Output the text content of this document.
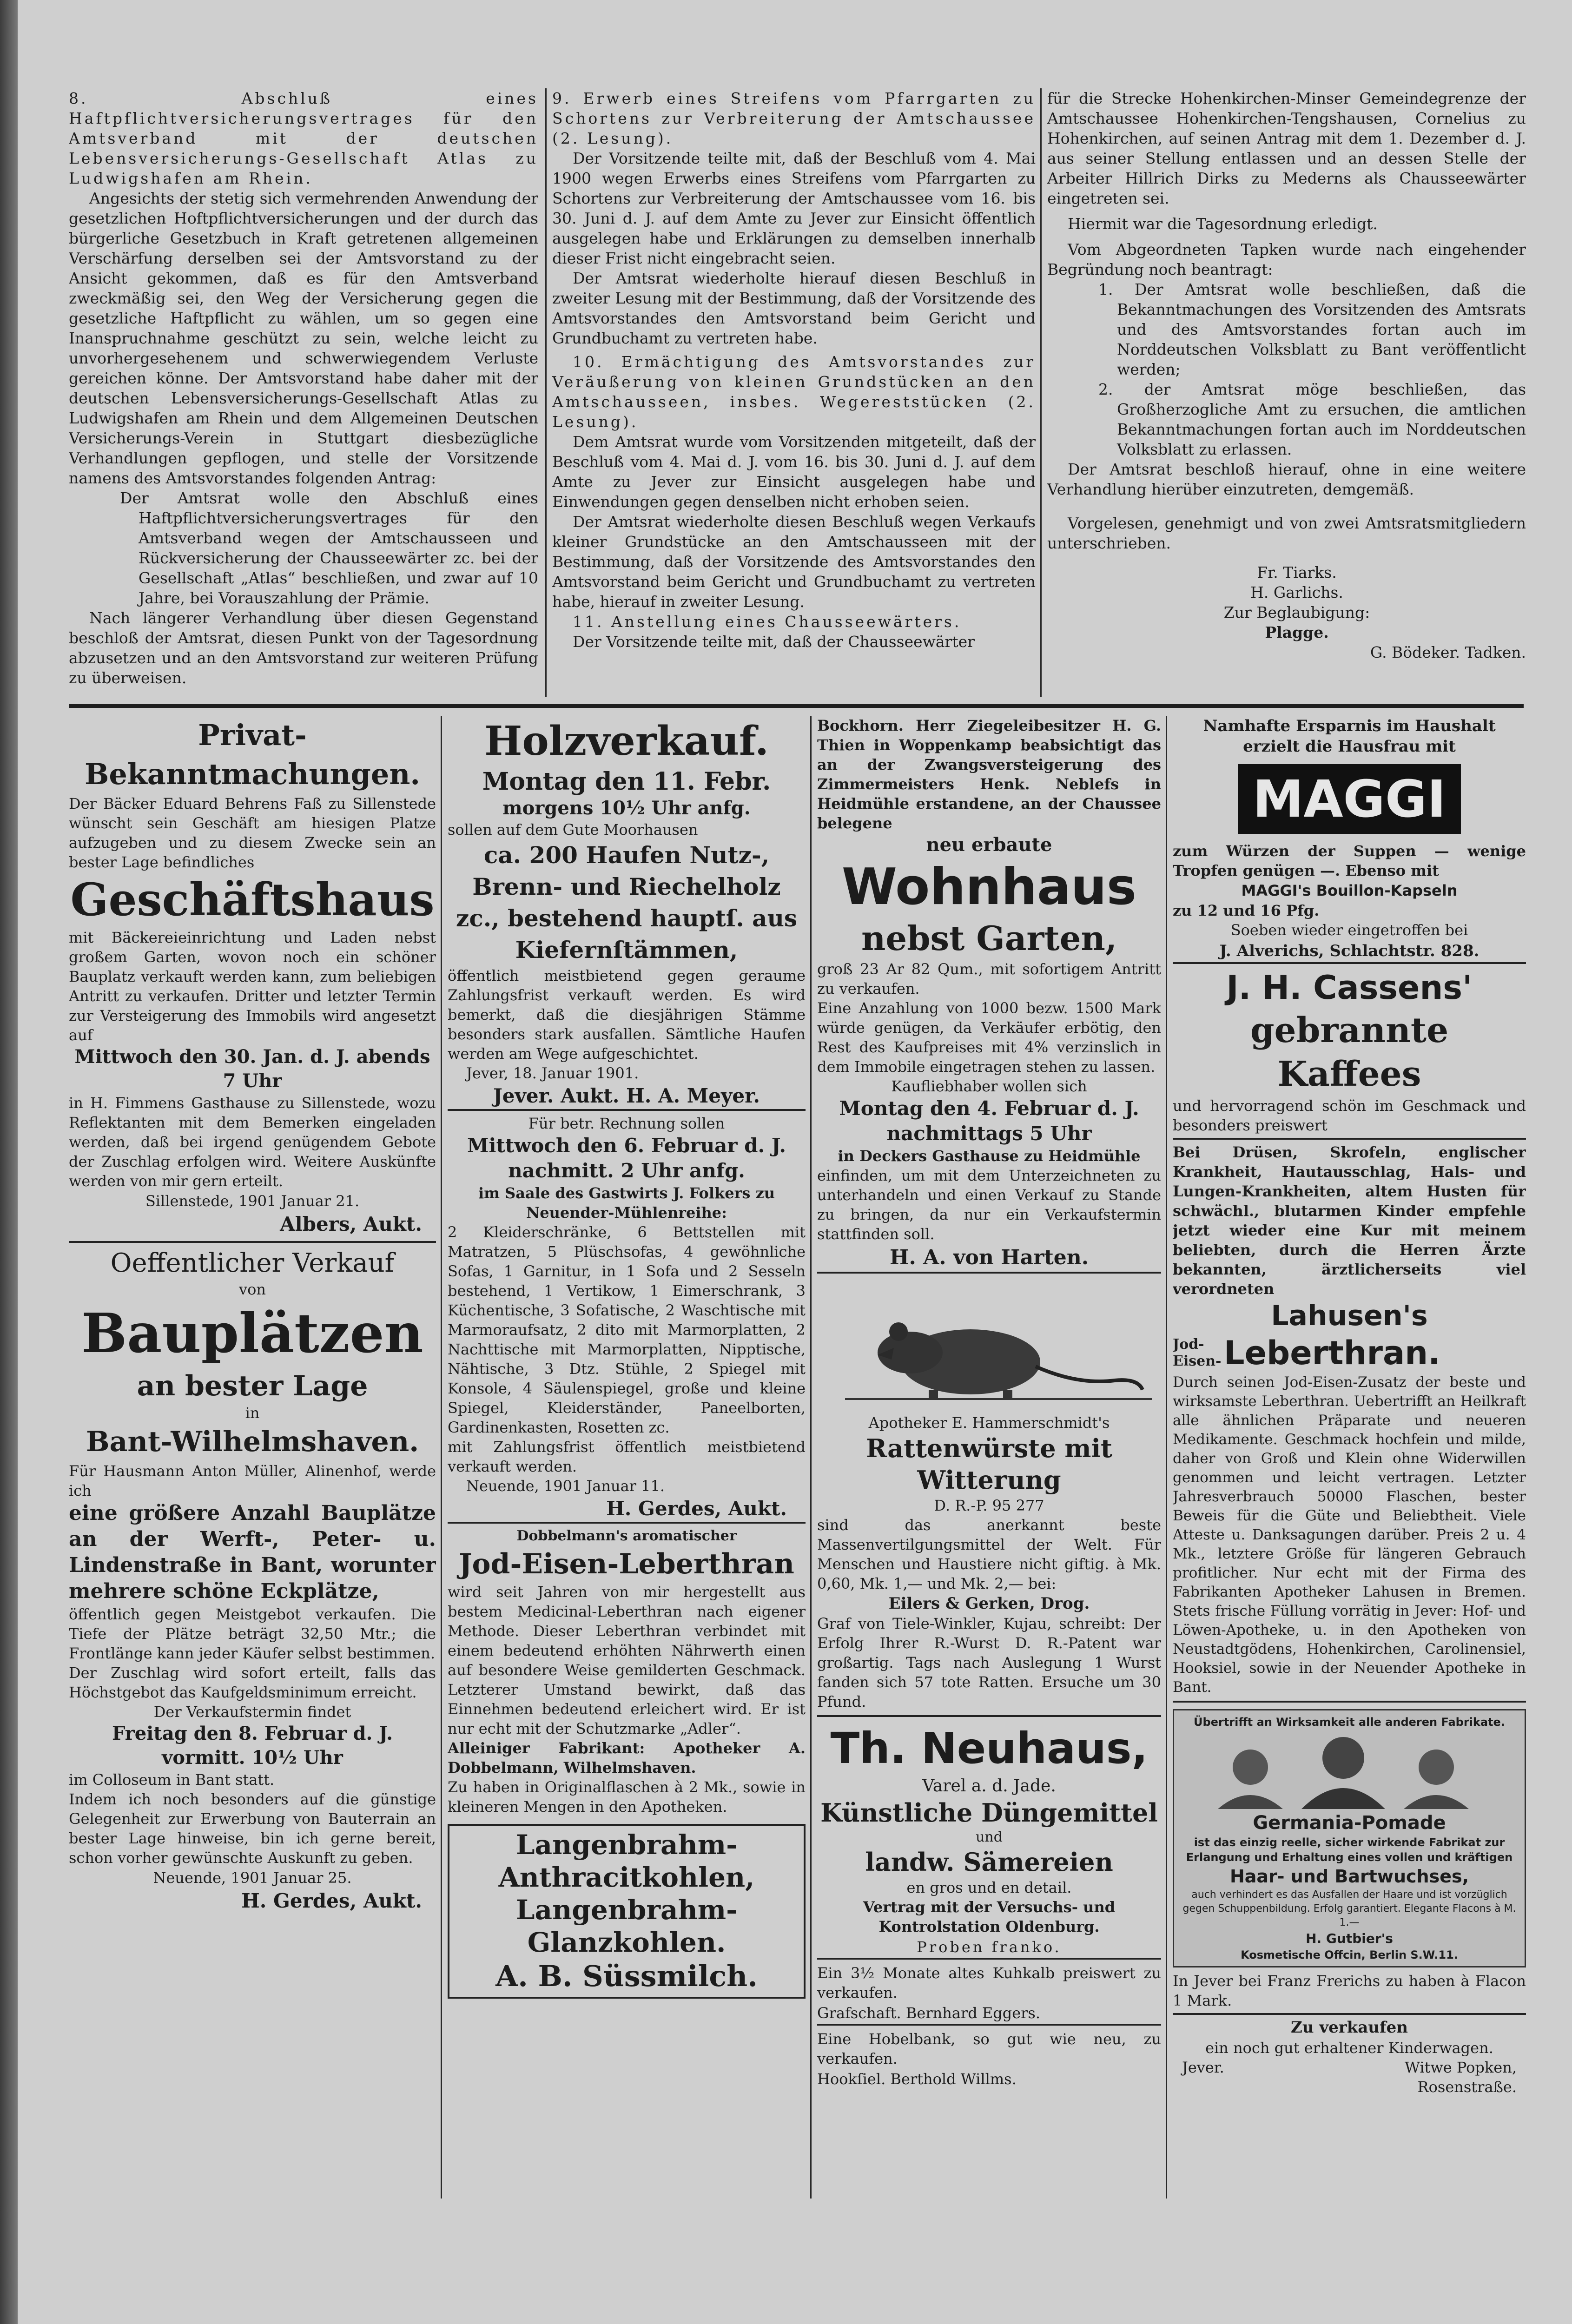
8. Abschluß eines Haftpflichtversicherungsvertrages für den Amtsverband mit der deutschen Lebensversicherungs-Gesellschaft Atlas zu Ludwigshafen am Rhein.

Angesichts der stetig sich vermehrenden Anwendung der gesetzlichen Hoftpflichtversicherungen und der durch das bürgerliche Gesetzbuch in Kraft getretenen allgemeinen Verschärfung derselben sei der Amtsvorstand zu der Ansicht gekommen, daß es für den Amtsverband zweckmäßig sei, den Weg der Versicherung gegen die gesetzliche Haftpflicht zu wählen, um so gegen eine Inanspruchnahme geschützt zu sein, welche leicht zu unvorhergesehenem und schwerwiegendem Verluste gereichen könne. Der Amtsvorstand habe daher mit der deutschen Lebensversicherungs-Gesellschaft Atlas zu Ludwigshafen am Rhein und dem Allgemeinen Deutschen Versicherungs-Verein in Stuttgart diesbezügliche Verhandlungen gepflogen, und stelle der Vorsitzende namens des Amtsvorstandes folgenden Antrag:

Der Amtsrat wolle den Abschluß eines Haftpflichtversicherungsvertrages für den Amtsverband wegen der Amtschausseen und Rückversicherung der Chausseewärter zc. bei der Gesellschaft „Atlas“ beschließen, und zwar auf 10 Jahre, bei Vorauszahlung der Prämie.

Nach längerer Verhandlung über diesen Gegenstand beschloß der Amtsrat, diesen Punkt von der Tagesordnung abzusetzen und an den Amtsvorstand zur weiteren Prüfung zu überweisen.

9. Erwerb eines Streifens vom Pfarrgarten zu Schortens zur Verbreiterung der Amtschaussee (2. Lesung).

Der Vorsitzende teilte mit, daß der Beschluß vom 4. Mai 1900 wegen Erwerbs eines Streifens vom Pfarrgarten zu Schortens zur Verbreiterung der Amtschaussee vom 16. bis 30. Juni d. J. auf dem Amte zu Jever zur Einsicht öffentlich ausgelegen habe und Erklärungen zu demselben innerhalb dieser Frist nicht eingebracht seien.

Der Amtsrat wiederholte hierauf diesen Beschluß in zweiter Lesung mit der Bestimmung, daß der Vorsitzende des Amtsvorstandes den Amtsvorstand beim Gericht und Grundbuchamt zu vertreten habe.

10. Ermächtigung des Amtsvorstandes zur Veräußerung von kleinen Grundstücken an den Amtschausseen, insbes. Wegereststücken (2. Lesung).

Dem Amtsrat wurde vom Vorsitzenden mitgeteilt, daß der Beschluß vom 4. Mai d. J. vom 16. bis 30. Juni d. J. auf dem Amte zu Jever zur Einsicht ausgelegen habe und Einwendungen gegen denselben nicht erhoben seien.

Der Amtsrat wiederholte diesen Beschluß wegen Verkaufs kleiner Grundstücke an den Amtschausseen mit der Bestimmung, daß der Vorsitzende des Amtsvorstandes den Amtsvorstand beim Gericht und Grundbuchamt zu vertreten habe, hierauf in zweiter Lesung.

11. Anstellung eines Chausseewärters.

Der Vorsitzende teilte mit, daß der Chausseewärter

für die Strecke Hohenkirchen-Minser Gemeindegrenze der Amtschaussee Hohenkirchen-Tengshausen, Cornelius zu Hohenkirchen, auf seinen Antrag mit dem 1. Dezember d. J. aus seiner Stellung entlassen und an dessen Stelle der Arbeiter Hillrich Dirks zu Mederns als Chausseewärter eingetreten sei.

Hiermit war die Tagesordnung erledigt.

Vom Abgeordneten Tapken wurde nach eingehender Begründung noch beantragt:

1. Der Amtsrat wolle beschließen, daß die Bekanntmachungen des Vorsitzenden des Amtsrats und des Amtsvorstandes fortan auch im Norddeutschen Volksblatt zu Bant veröffentlicht werden;

2. der Amtsrat möge beschließen, das Großherzogliche Amt zu ersuchen, die amtlichen Bekanntmachungen fortan auch im Norddeutschen Volksblatt zu erlassen.

Der Amtsrat beschloß hierauf, ohne in eine weitere Verhandlung hierüber einzutreten, demgemäß.

Vorgelesen, genehmigt und von zwei Amtsratsmitgliedern unterschrieben.

Fr. Tiarks.

H. Garlichs.

Zur Beglaubigung:

Plagge.

G. Bödeker. Tadken.

Privat-Bekanntmachungen.

Der Bäcker Eduard Behrens Faß zu Sillenstede wünscht sein Geschäft am hiesigen Platze aufzugeben und zu diesem Zwecke sein an bester Lage befindliches

Geschäftshaus

mit Bäckereieinrichtung und Laden nebst großem Garten, wovon noch ein schöner Bauplatz verkauft werden kann, zum beliebigen Antritt zu verkaufen. Dritter und letzter Termin zur Versteigerung des Immobils wird angesetzt auf

Mittwoch den 30. Jan. d. J. abends 7 Uhr

in H. Fimmens Gasthause zu Sillenstede, wozu Reflektanten mit dem Bemerken eingeladen werden, daß bei irgend genügendem Gebote der Zuschlag erfolgen wird. Weitere Auskünfte werden von mir gern erteilt.

Sillenstede, 1901 Januar 21.

Albers, Aukt.

Oeffentlicher Verkauf

von

Bauplätzen

an bester Lage

in

Bant-Wilhelmshaven.

Für Hausmann Anton Müller, Alinenhof, werde ich

eine größere Anzahl Bauplätze an der Werft-, Peter- u. Lindenstraße in Bant, worunter mehrere schöne Eckplätze,

öffentlich gegen Meistgebot verkaufen. Die Tiefe der Plätze beträgt 32,50 Mtr.; die Frontlänge kann jeder Käufer selbst bestimmen.

Der Zuschlag wird sofort erteilt, falls das Höchstgebot das Kaufgeldsminimum erreicht.

Der Verkaufstermin findet

Freitag den 8. Februar d. J. vormitt. 10½ Uhr

im Colloseum in Bant statt.

Indem ich noch besonders auf die günstige Gelegenheit zur Erwerbung von Bauterrain an bester Lage hinweise, bin ich gerne bereit, schon vorher gewünschte Auskunft zu geben.

Neuende, 1901 Januar 25.

H. Gerdes, Aukt.

Holzverkauf.

Montag den 11. Febr.

morgens 10½ Uhr anfg.

sollen auf dem Gute Moorhausen

ca. 200 Haufen Nutz-, Brenn- und Riechelholz zc., bestehend hauptſ. aus Kiefernſtämmen,

öffentlich meistbietend gegen geraume Zahlungsfrist verkauft werden. Es wird bemerkt, daß die diesjährigen Stämme besonders stark ausfallen. Sämtliche Haufen werden am Wege aufgeschichtet.

Jever, 18. Januar 1901.

Jever. Aukt. H. A. Meyer.

Für betr. Rechnung sollen

Mittwoch den 6. Februar d. J. nachmitt. 2 Uhr anfg.

im Saale des Gastwirts J. Folkers zu Neuender-Mühlenreihe:

2 Kleiderschränke, 6 Bettstellen mit Matratzen, 5 Plüschsofas, 4 gewöhnliche Sofas, 1 Garnitur, in 1 Sofa und 2 Sesseln bestehend, 1 Vertikow, 1 Eimerschrank, 3 Küchentische, 3 Sofatische, 2 Waschtische mit Marmoraufsatz, 2 dito mit Marmorplatten, 2 Nachttische mit Marmorplatten, Nipptische, Nähtische, 3 Dtz. Stühle, 2 Spiegel mit Konsole, 4 Säulenspiegel, große und kleine Spiegel, Kleiderständer, Paneelborten, Gardinenkasten, Rosetten zc.

mit Zahlungsfrist öffentlich meistbietend verkauft werden.

Neuende, 1901 Januar 11.

H. Gerdes, Aukt.

Dobbelmann's aromatischer

Jod-Eisen-Leberthran

wird seit Jahren von mir hergestellt aus bestem Medicinal-Leberthran nach eigener Methode. Dieser Leberthran verbindet mit einem bedeutend erhöhten Nährwerth einen auf besondere Weise gemilderten Geschmack. Letzterer Umstand bewirkt, daß das Einnehmen bedeutend erleichert wird. Er ist nur echt mit der Schutzmarke „Adler“.

Alleiniger Fabrikant: Apotheker A. Dobbelmann, Wilhelmshaven.

Zu haben in Originalflaschen à 2 Mk., sowie in kleineren Mengen in den Apotheken.

Langenbrahm-

Anthracitkohlen,

Langenbrahm-

Glanzkohlen.

A. B. Süssmilch.

Bockhorn. Herr Ziegeleibesitzer H. G. Thien in Woppenkamp beabsichtigt das an der Zwangsversteigerung des Zimmermeisters Henk. Neblefs in Heidmühle erstandene, an der Chaussee belegene

neu erbaute

Wohnhaus

nebst Garten,

groß 23 Ar 82 Qum., mit sofortigem Antritt zu verkaufen.

Eine Anzahlung von 1000 bezw. 1500 Mark würde genügen, da Verkäufer erbötig, den Rest des Kaufpreises mit 4% verzinslich in dem Immobile eingetragen stehen zu lassen.

Kaufliebhaber wollen sich

Montag den 4. Februar d. J. nachmittags 5 Uhr

in Deckers Gasthause zu Heidmühle

einfinden, um mit dem Unterzeichneten zu unterhandeln und einen Verkauf zu Stande zu bringen, da nur ein Verkaufstermin stattfinden soll.

H. A. von Harten.

Apotheker E. Hammerschmidt's

Rattenwürste mit Witterung

D. R.-P. 95 277

sind das anerkannt beste Massenvertilgungsmittel der Welt. Für Menschen und Haustiere nicht giftig. à Mk. 0,60, Mk. 1,— und Mk. 2,— bei:

Eilers & Gerken, Drog.

Graf von Tiele-Winkler, Kujau, schreibt: Der Erfolg Ihrer R.-Wurst D. R.-Patent war großartig. Tags nach Auslegung 1 Wurst fanden sich 57 tote Ratten. Ersuche um 30 Pfund.

Th. Neuhaus,

Varel a. d. Jade.

Künstliche Düngemittel

und

landw. Sämereien

en gros und en detail.

Vertrag mit der Versuchs- und Kontrolstation Oldenburg.

Proben franko.

Ein 3½ Monate altes Kuhkalb preiswert zu verkaufen.

Grafschaft. Bernhard Eggers.

Eine Hobelbank, so gut wie neu, zu verkaufen.

Hookſiel. Berthold Willms.

Namhafte Ersparnis im Haushalt erzielt die Hausfrau mit

MAGGI

zum Würzen der Suppen — wenige Tropfen genügen —. Ebenso mit

MAGGI's Bouillon-Kapseln

zu 12 und 16 Pfg.

Soeben wieder eingetroffen bei

J. Alverichs, Schlachtstr. 828.

J. H. Cassens'

gebrannte Kaffees

und hervorragend schön im Geschmack und besonders preiswert

Bei Drüsen, Skrofeln, englischer Krankheit, Hautausschlag, Hals- und Lungen-Krankheiten, altem Husten für schwächl., blutarmen Kinder empfehle jetzt wieder eine Kur mit meinem beliebten, durch die Herren Ärzte bekannten, ärztlicherseits viel verordneten

Lahusen's

Jod-Eisen- Leberthran.

Durch seinen Jod-Eisen-Zusatz der beste und wirksamste Leberthran. Uebertrifft an Heilkraft alle ähnlichen Präparate und neueren Medikamente. Geschmack hochfein und milde, daher von Groß und Klein ohne Widerwillen genommen und leicht vertragen. Letzter Jahresverbrauch 50000 Flaschen, bester Beweis für die Güte und Beliebtheit. Viele Atteste u. Danksagungen darüber. Preis 2 u. 4 Mk., letztere Größe für längeren Gebrauch profitlicher. Nur echt mit der Firma des Fabrikanten Apotheker Lahusen in Bremen. Stets frische Füllung vorrätig in Jever: Hof- und Löwen-Apotheke, u. in den Apotheken von Neustadtgödens, Hohenkirchen, Carolinensiel, Hooksiel, sowie in der Neuender Apotheke in Bant.

Übertrifft an Wirksamkeit alle anderen Fabrikate.

Germania-Pomade

ist das einzig reelle, sicher wirkende Fabrikat zur Erlangung und Erhaltung eines vollen und kräftigen

Haar- und Bartwuchses,

auch verhindert es das Ausfallen der Haare und ist vorzüglich gegen Schuppenbildung. Erfolg garantiert. Elegante Flacons à M. 1.—

H. Gutbier's

Kosmetische Offcin, Berlin S.W.11.

In Jever bei Franz Frerichs zu haben à Flacon 1 Mark.

Zu verkaufen

ein noch gut erhaltener Kinderwagen.

Jever.	Witwe Popken, Rosenstraße.
